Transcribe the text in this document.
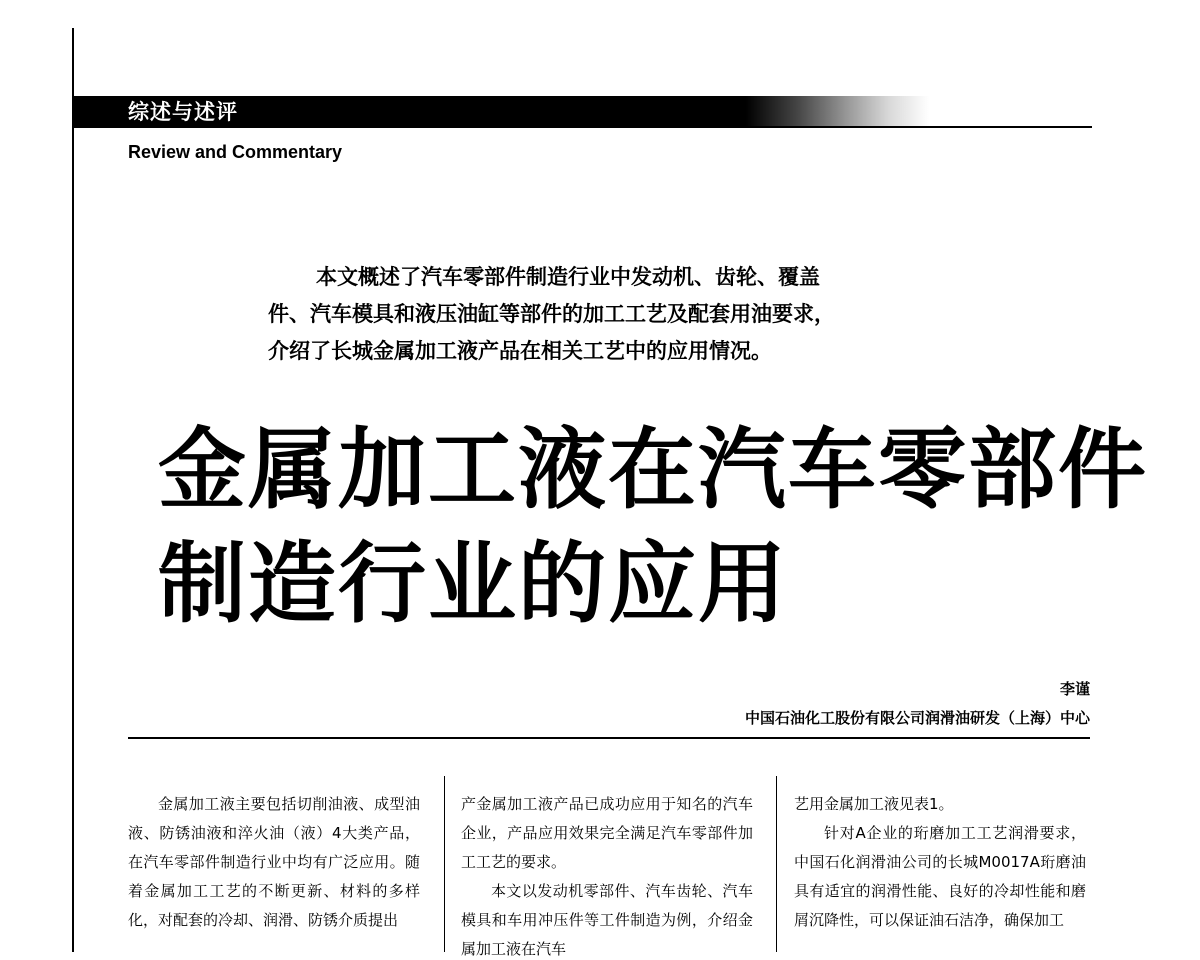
综述与述评
Review and Commentary
本文概述了汽车零部件制造行业中发动机、齿轮、覆盖
件、汽车模具和液压油缸等部件的加工工艺及配套用油要求，
介绍了长城金属加工液产品在相关工艺中的应用情况。
金属加工液在汽车零部件
制造行业的应用
李谨
中国石油化工股份有限公司润滑油研发（上海）中心

金属加工液主要包括切削油液、成型油液、防锈油液和淬火油（液）4大类产品，在汽车零部件制造行业中均有广泛应用。随着金属加工工艺的不断更新、材料的多样化，对配套的冷却、润滑、防锈介质提出

产金属加工液产品已成功应用于知名的汽车企业，产品应用效果完全满足汽车零部件加工工艺的要求。

本文以发动机零部件、汽车齿轮、汽车模具和车用冲压件等工件制造为例，介绍金属加工液在汽车

艺用金属加工液见表1。

针对A企业的珩磨加工工艺润滑要求，中国石化润滑油公司的长城M0017A珩磨油具有适宜的润滑性能、良好的冷却性能和磨屑沉降性，可以保证油石洁净，确保加工
